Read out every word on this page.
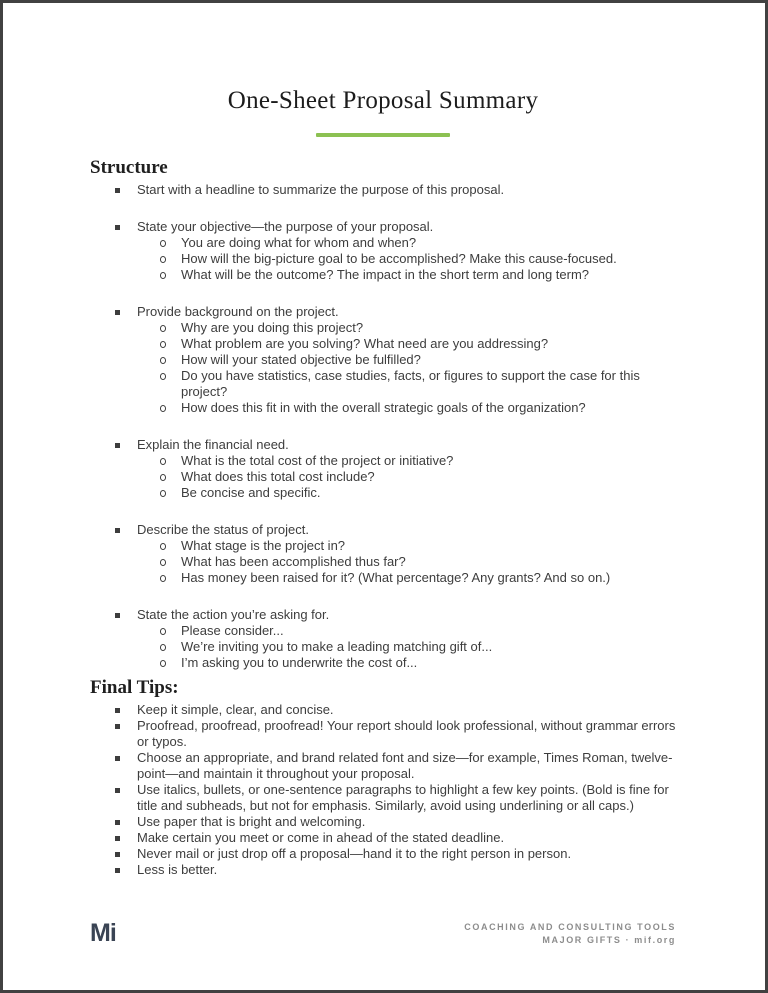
One-Sheet Proposal Summary
Structure
Start with a headline to summarize the purpose of this proposal.
State your objective—the purpose of your proposal.
You are doing what for whom and when?
How will the big-picture goal to be accomplished? Make this cause-focused.
What will be the outcome? The impact in the short term and long term?
Provide background on the project.
Why are you doing this project?
What problem are you solving? What need are you addressing?
How will your stated objective be fulfilled?
Do you have statistics, case studies, facts, or figures to support the case for this project?
How does this fit in with the overall strategic goals of the organization?
Explain the financial need.
What is the total cost of the project or initiative?
What does this total cost include?
Be concise and specific.
Describe the status of project.
What stage is the project in?
What has been accomplished thus far?
Has money been raised for it? (What percentage? Any grants? And so on.)
State the action you’re asking for.
Please consider...
We’re inviting you to make a leading matching gift of...
I’m asking you to underwrite the cost of...
Final Tips:
Keep it simple, clear, and concise.
Proofread, proofread, proofread! Your report should look professional, without grammar errors or typos.
Choose an appropriate, and brand related font and size—for example, Times Roman, twelve-point—and maintain it throughout your proposal.
Use italics, bullets, or one-sentence paragraphs to highlight a few key points. (Bold is fine for title and subheads, but not for emphasis. Similarly, avoid using underlining or all caps.)
Use paper that is bright and welcoming.
Make certain you meet or come in ahead of the stated deadline.
Never mail or just drop off a proposal—hand it to the right person in person.
Less is better.
Mi	COACHING AND CONSULTING TOOLS
MAJOR GIFTS · mif.org
